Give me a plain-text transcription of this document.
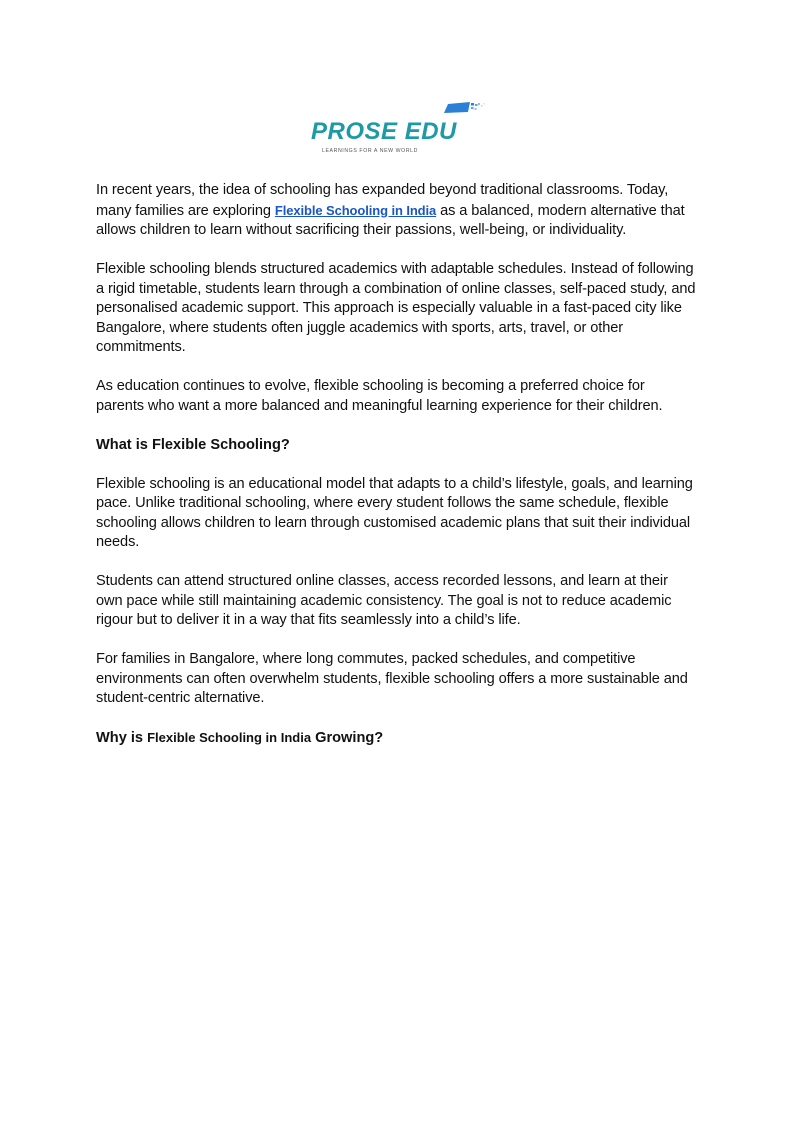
PROSE EDU
LEARNINGS FOR A NEW WORLD

In recent years, the idea of schooling has expanded beyond traditional classrooms. Today, many families are exploring Flexible Schooling in India as a balanced, modern alternative that allows children to learn without sacrificing their passions, well-being, or individuality.

Flexible schooling blends structured academics with adaptable schedules. Instead of following a rigid timetable, students learn through a combination of online classes, self-paced study, and personalised academic support. This approach is especially valuable in a fast-paced city like Bangalore, where students often juggle academics with sports, arts, travel, or other commitments.

As education continues to evolve, flexible schooling is becoming a preferred choice for parents who want a more balanced and meaningful learning experience for their children.

What is Flexible Schooling?

Flexible schooling is an educational model that adapts to a child’s lifestyle, goals, and learning pace. Unlike traditional schooling, where every student follows the same schedule, flexible schooling allows children to learn through customised academic plans that suit their individual needs.

Students can attend structured online classes, access recorded lessons, and learn at their own pace while still maintaining academic consistency. The goal is not to reduce academic rigour but to deliver it in a way that fits seamlessly into a child’s life.

For families in Bangalore, where long commutes, packed schedules, and competitive environments can often overwhelm students, flexible schooling offers a more sustainable and student-centric alternative.

Why is Flexible Schooling in India Growing?
